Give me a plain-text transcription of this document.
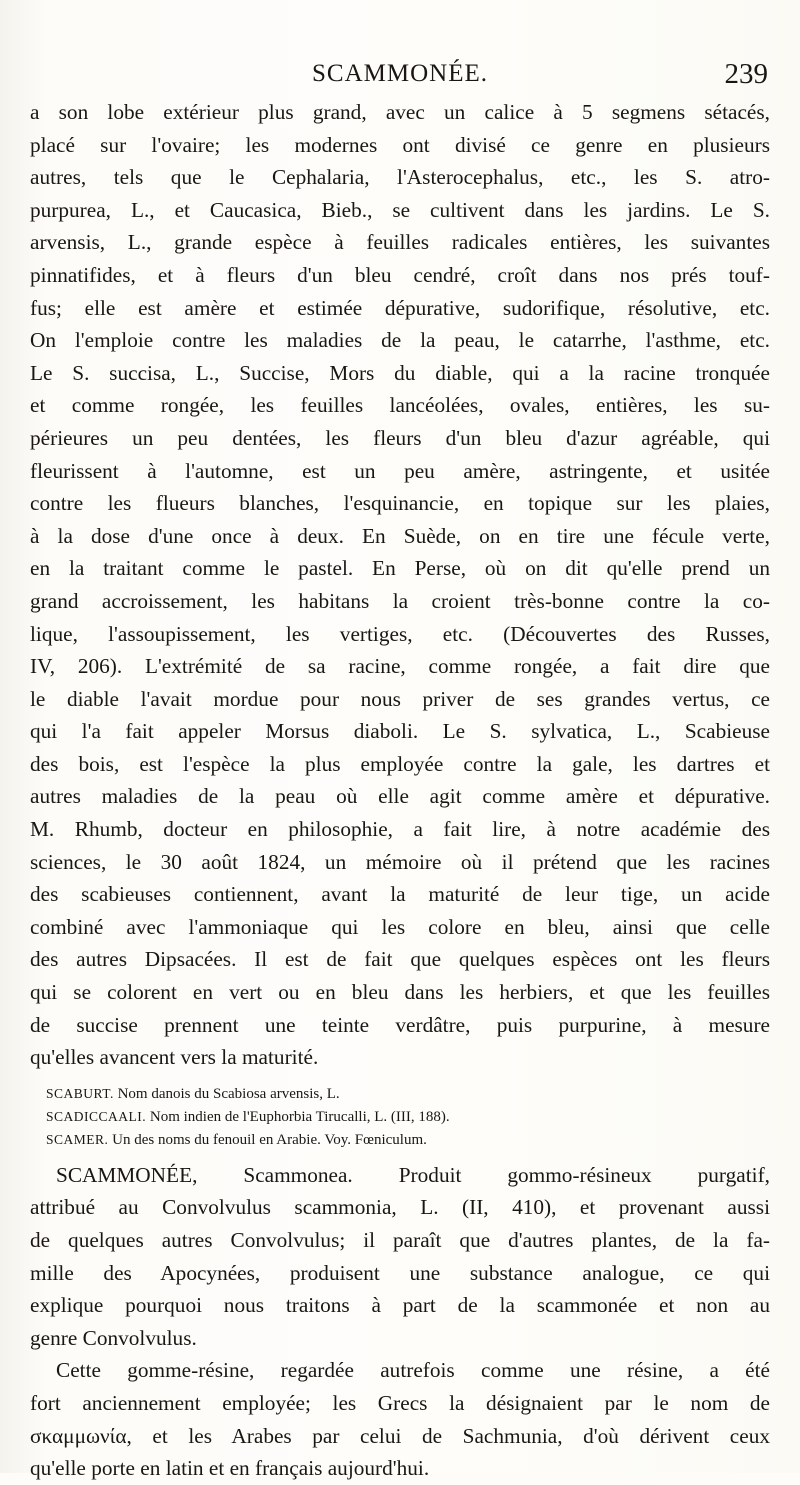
SCAMMONÉE.	239
a son lobe extérieur plus grand, avec un calice à 5 segmens sétacés,
placé sur l'ovaire; les modernes ont divisé ce genre en plusieurs
autres, tels que le Cephalaria, l'Asterocephalus, etc., les S. atro-
purpurea, L., et Caucasica, Bieb., se cultivent dans les jardins. Le S.
arvensis, L., grande espèce à feuilles radicales entières, les suivantes
pinnatifides, et à fleurs d'un bleu cendré, croît dans nos prés touf-
fus; elle est amère et estimée dépurative, sudorifique, résolutive, etc.
On l'emploie contre les maladies de la peau, le catarrhe, l'asthme, etc.
Le S. succisa, L., Succise, Mors du diable, qui a la racine tronquée
et comme rongée, les feuilles lancéolées, ovales, entières, les su-
périeures un peu dentées, les fleurs d'un bleu d'azur agréable, qui
fleurissent à l'automne, est un peu amère, astringente, et usitée
contre les flueurs blanches, l'esquinancie, en topique sur les plaies,
à la dose d'une once à deux. En Suède, on en tire une fécule verte,
en la traitant comme le pastel. En Perse, où on dit qu'elle prend un
grand accroissement, les habitans la croient très-bonne contre la co-
lique, l'assoupissement, les vertiges, etc. (Découvertes des Russes,
IV, 206). L'extrémité de sa racine, comme rongée, a fait dire que
le diable l'avait mordue pour nous priver de ses grandes vertus, ce
qui l'a fait appeler Morsus diaboli. Le S. sylvatica, L., Scabieuse
des bois, est l'espèce la plus employée contre la gale, les dartres et
autres maladies de la peau où elle agit comme amère et dépurative.
M. Rhumb, docteur en philosophie, a fait lire, à notre académie des
sciences, le 30 août 1824, un mémoire où il prétend que les racines
des scabieuses contiennent, avant la maturité de leur tige, un acide
combiné avec l'ammoniaque qui les colore en bleu, ainsi que celle
des autres Dipsacées. Il est de fait que quelques espèces ont les fleurs
qui se colorent en vert ou en bleu dans les herbiers, et que les feuilles
de succise prennent une teinte verdâtre, puis purpurine, à mesure
qu'elles avancent vers la maturité.
SCABURT. Nom danois du Scabiosa arvensis, L.
SCADICCAALI. Nom indien de l'Euphorbia Tirucalli, L. (III, 188).
SCAMER. Un des noms du fenouil en Arabie. Voy. Fœniculum.
SCAMMONÉE, Scammonea. Produit gommo-résineux purgatif,
attribué au Convolvulus scammonia, L. (II, 410), et provenant aussi
de quelques autres Convolvulus; il paraît que d'autres plantes, de la fa-
mille des Apocynées, produisent une substance analogue, ce qui
explique pourquoi nous traitons à part de la scammonée et non au
genre Convolvulus.
Cette gomme-résine, regardée autrefois comme une résine, a été
fort anciennement employée; les Grecs la désignaient par le nom de
σκαμμωνία, et les Arabes par celui de Sachmunia, d'où dérivent ceux
qu'elle porte en latin et en français aujourd'hui.
